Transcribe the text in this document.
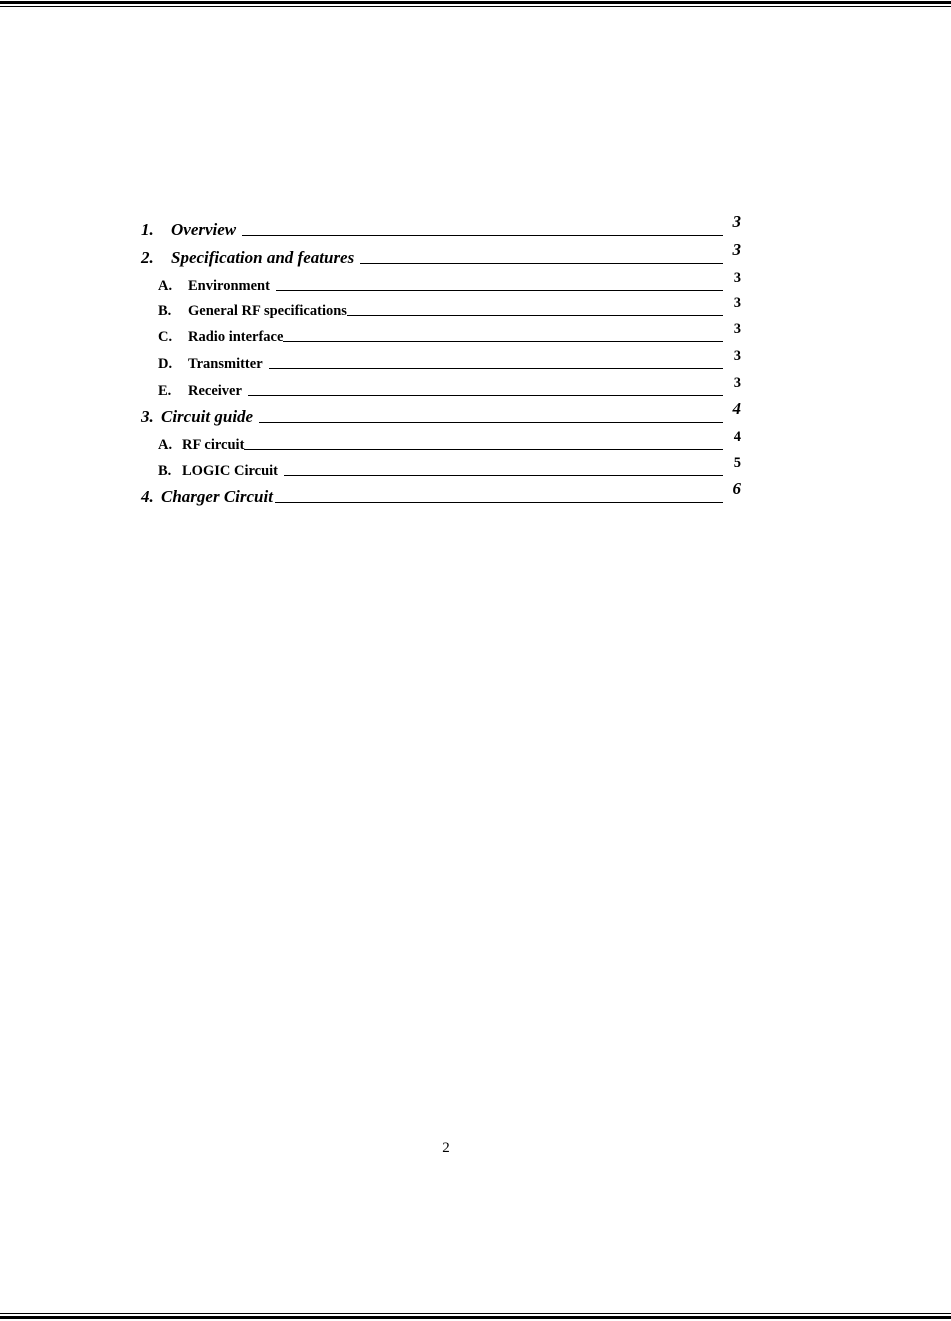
1. Overview	3
2. Specification and features	3
A. Environment	3
B. General RF specifications	3
C. Radio interface	3
D. Transmitter	3
E. Receiver	3
3. Circuit guide	4
A. RF circuit	4
B. LOGIC Circuit	5
4. Charger Circuit	6
2
